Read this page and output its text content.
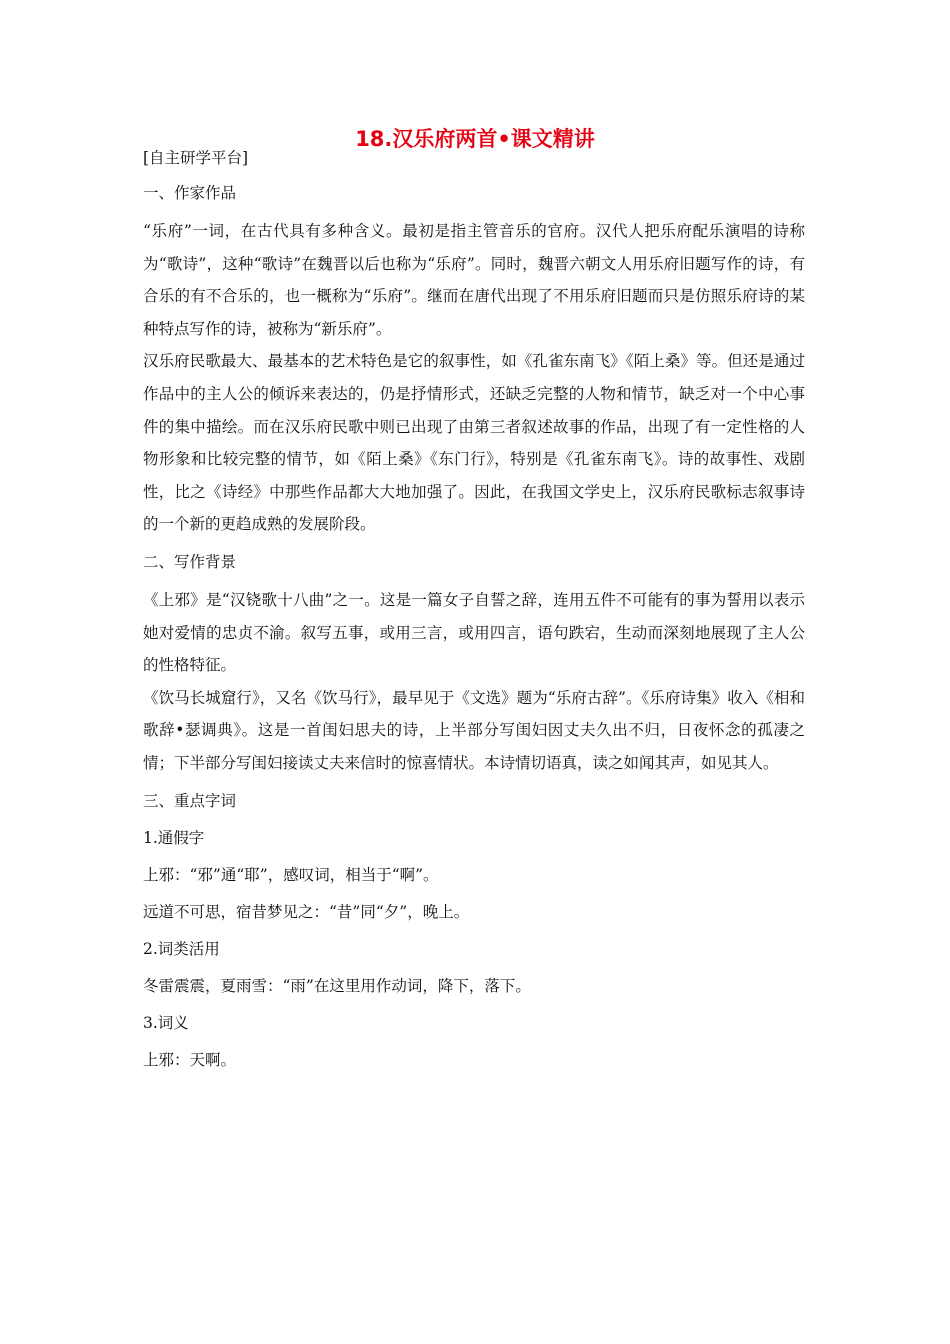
18.汉乐府两首•课文精讲
[自主研学平台]
一、作家作品

“乐府”一词，在古代具有多种含义。最初是指主管音乐的官府。汉代人把乐府配乐演唱的诗称为“歌诗”，这种“歌诗”在魏晋以后也称为“乐府”。同时，魏晋六朝文人用乐府旧题写作的诗，有合乐的有不合乐的，也一概称为“乐府”。继而在唐代出现了不用乐府旧题而只是仿照乐府诗的某种特点写作的诗，被称为“新乐府”。

汉乐府民歌最大、最基本的艺术特色是它的叙事性，如《孔雀东南飞》《陌上桑》等。但还是通过作品中的主人公的倾诉来表达的，仍是抒情形式，还缺乏完整的人物和情节，缺乏对一个中心事件的集中描绘。而在汉乐府民歌中则已出现了由第三者叙述故事的作品，出现了有一定性格的人物形象和比较完整的情节，如《陌上桑》《东门行》，特别是《孔雀东南飞》。诗的故事性、戏剧性，比之《诗经》中那些作品都大大地加强了。因此，在我国文学史上，汉乐府民歌标志叙事诗的一个新的更趋成熟的发展阶段。

二、写作背景

《上邪》是“汉铙歌十八曲”之一。这是一篇女子自誓之辞，连用五件不可能有的事为誓用以表示她对爱情的忠贞不渝。叙写五事，或用三言，或用四言，语句跌宕，生动而深刻地展现了主人公的性格特征。

《饮马长城窟行》，又名《饮马行》，最早见于《文选》题为“乐府古辞”。《乐府诗集》收入《相和歌辞•瑟调典》。这是一首闺妇思夫的诗，上半部分写闺妇因丈夫久出不归，日夜怀念的孤凄之情；下半部分写闺妇接读丈夫来信时的惊喜情状。本诗情切语真，读之如闻其声，如见其人。

三、重点字词
1.通假字
上邪：“邪”通“耶”，感叹词，相当于“啊”。
远道不可思，宿昔梦见之：“昔”同“夕”，晚上。
2.词类活用
冬雷震震，夏雨雪：“雨”在这里用作动词，降下，落下。
3.词义
上邪：天啊。
